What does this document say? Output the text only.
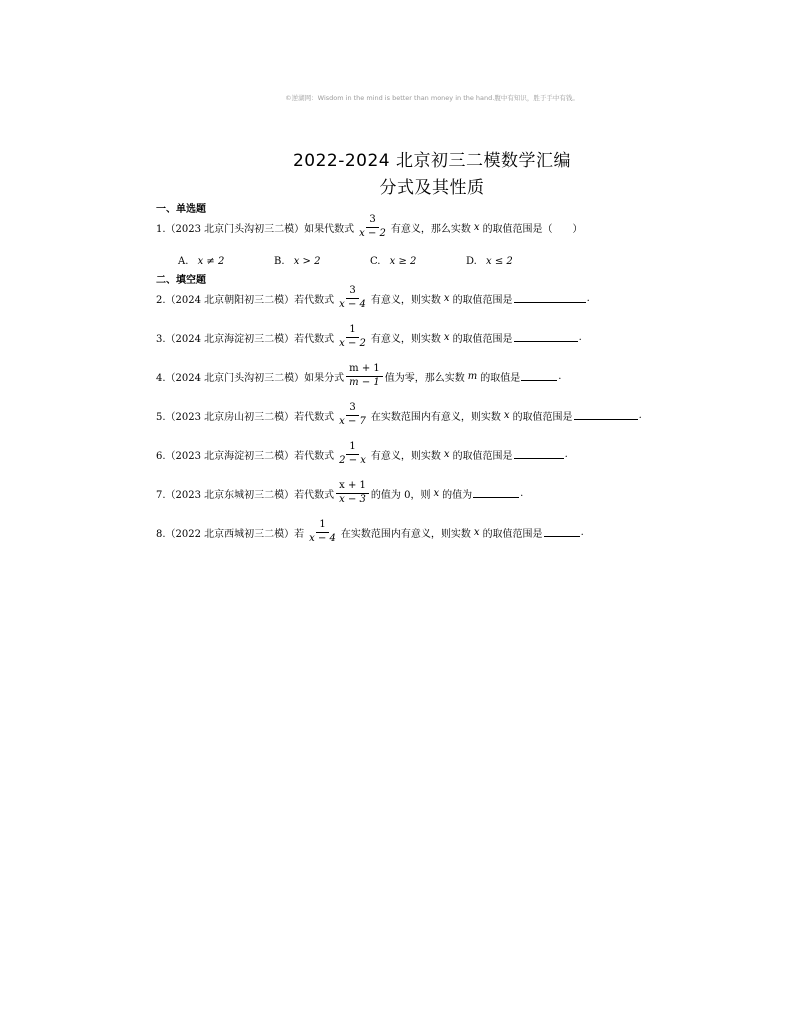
©逆湖网：Wisdom in the mind is better than money in the hand.腹中有知识，胜于手中有钱。
2022-2024 北京初三二模数学汇编
分式及其性质
一、单选题
1.（2023 北京门头沟初三二模）如果代数式 $\frac{3}{x - 2}$ 有意义，那么实数 x 的取值范围是（　　）
A. x ≠ 2	B. x > 2	C. x ≥ 2	D. x ≤ 2
二、填空题
2.（2024 北京朝阳初三二模）若代数式 $\frac{3}{x - 4}$ 有意义，则实数 x 的取值范围是	.
3.（2024 北京海淀初三二模）若代数式 $\frac{1}{x - 2}$ 有意义，则实数 x 的取值范围是	.
4.（2024 北京门头沟初三二模）如果分式 $\frac{m + 1}{m - 1}$ 值为零，那么实数 m 的取值是	.
5.（2023 北京房山初三二模）若代数式 $\frac{3}{x - 7}$ 在实数范围内有意义，则实数 x 的取值范围是	.
6.（2023 北京海淀初三二模）若代数式 $\frac{1}{2 - x}$ 有意义，则实数 x 的取值范围是	.
7.（2023 北京东城初三二模）若代数式 $\frac{x + 1}{x - 3}$ 的值为 0，则 x 的值为	.
8.（2022 北京西城初三二模）若 $\frac{1}{x - 4}$ 在实数范围内有意义，则实数 x 的取值范围是	.
